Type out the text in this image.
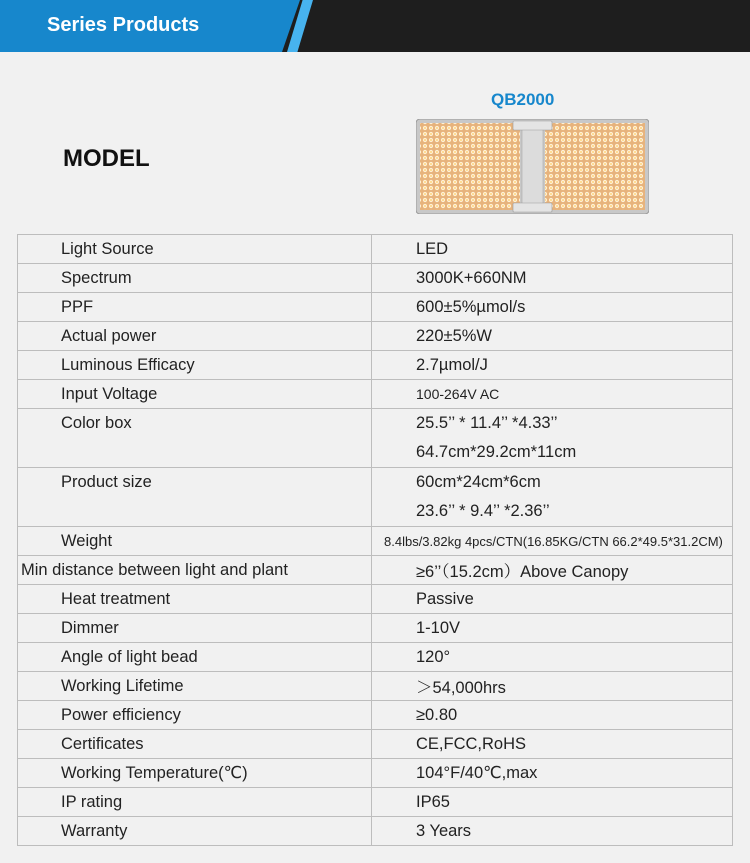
Series Products
MODEL
QB2000
Light Source	LED
Spectrum	3000K+660NM
PPF	600±5%µmol/s
Actual power	220±5%W
Luminous Efficacy	2.7µmol/J
Input Voltage	100-264V AC
Color box	25.5’’ * 11.4’’ *4.33’’
64.7cm*29.2cm*11cm

Product size	60cm*24cm*6cm
23.6’’ * 9.4’’ *2.36’’

Weight	8.4lbs/3.82kg 4pcs/CTN(16.85KG/CTN 66.2*49.5*31.2CM)
Min distance between light and plant	≥6’’（15.2cm）Above Canopy
Heat treatment	Passive
Dimmer	1-10V
Angle of light bead	120°
Working Lifetime	＞54,000hrs
Power efficiency	≥0.80
Certificates	CE,FCC,RoHS
Working Temperature(℃)	104°F/40℃,max
IP rating	IP65
Warranty	3 Years
